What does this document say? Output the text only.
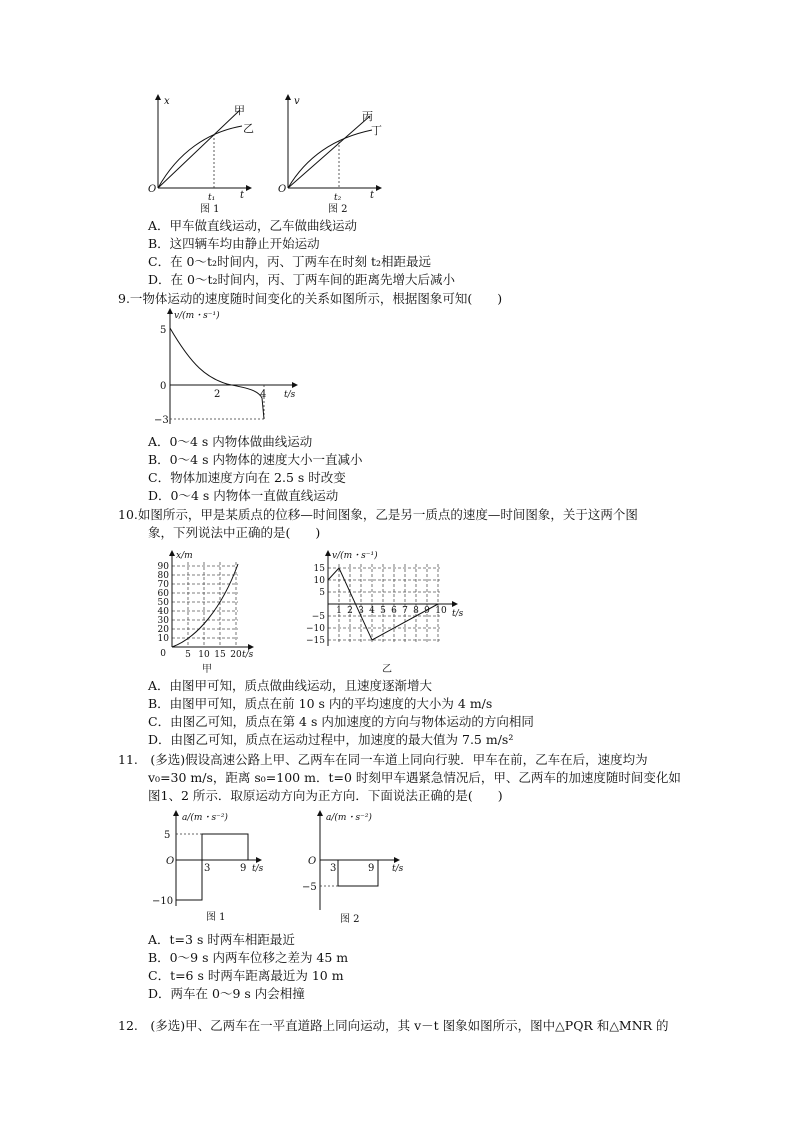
x
O
t₁ t
甲
乙
图 1
v
O
t₂	t
丙
丁
图 2
A．甲车做直线运动，乙车做曲线运动
B．这四辆车均由静止开始运动
C．在 0～t₂时间内，丙、丁两车在时刻 t₂相距最远
D．在 0～t₂时间内，丙、丁两车间的距离先增大后减小
9.一物体运动的速度随时间变化的关系如图所示，根据图象可知(　　)
v/(m・s⁻¹)
5
0
−3
2	4 t/s
A．0～4 s 内物体做曲线运动
B．0～4 s 内物体的速度大小一直减小
C．物体加速度方向在 2.5 s 时改变
D．0～4 s 内物体一直做直线运动
10.如图所示，甲是某质点的位移—时间图象，乙是另一质点的速度—时间图象，关于这两个图
象，下列说法中正确的是(　　)
x/m
90
80
70
60
50
40
30
20
10
0 5 10 15 20 t/s
甲
v/(m・s⁻¹)
15
10
5
−5
−10
−15
1 2 3 4 5 6 7 8 9 10 t/s
乙
A．由图甲可知，质点做曲线运动，且速度逐渐增大
B．由图甲可知，质点在前 10 s 内的平均速度的大小为 4 m/s
C．由图乙可知，质点在第 4 s 内加速度的方向与物体运动的方向相同
D．由图乙可知，质点在运动过程中，加速度的最大值为 7.5 m/s²
11.　(多选)假设高速公路上甲、乙两车在同一车道上同向行驶．甲车在前，乙车在后，速度均为
v₀=30 m/s，距离 s₀=100 m．t=0 时刻甲车遇紧急情况后，甲、乙两车的加速度随时间变化如
图1、2 所示．取原运动方向为正方向．下面说法正确的是(　　)
a/(m・s⁻²)
5
O
−10
3	9 t/s
图 1
a/(m・s⁻²)
O
−5
3	9 t/s
图 2
A．t=3 s 时两车相距最近
B．0～9 s 内两车位移之差为 45 m
C．t=6 s 时两车距离最近为 10 m
D．两车在 0～9 s 内会相撞
12.　(多选)甲、乙两车在一平直道路上同向运动，其 v－t 图象如图所示，图中△PQR 和△MNR 的
